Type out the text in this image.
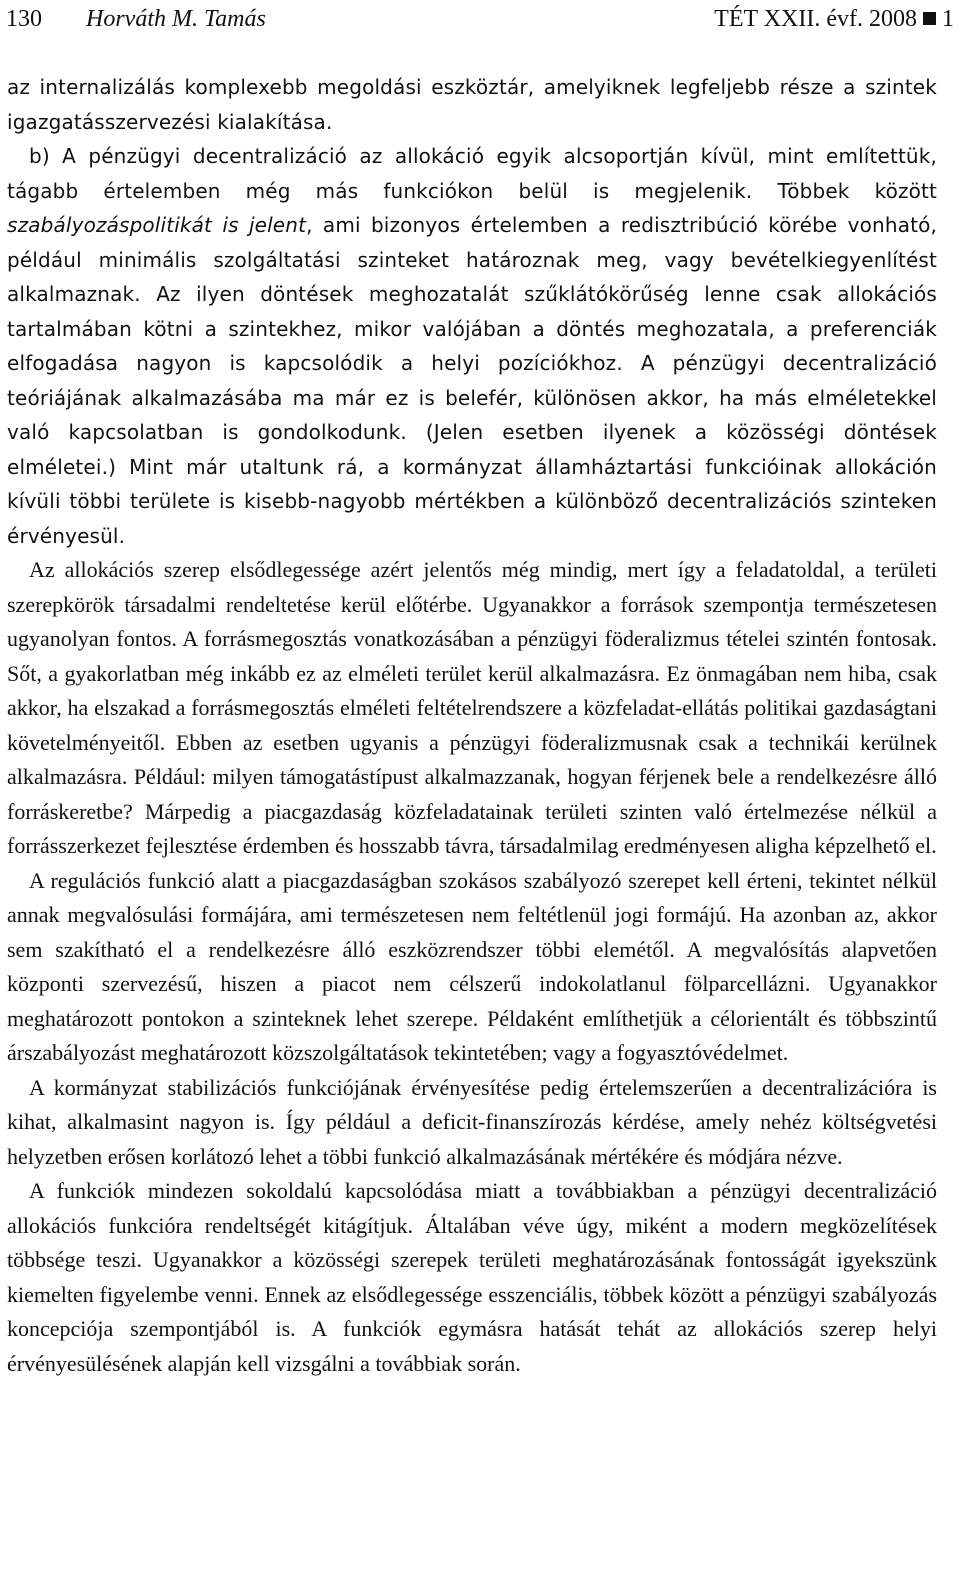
130 Horváth M. Tamás	TÉT XXII. évf. 2008 1

az internalizálás komplexebb megoldási eszköztár, amelyiknek legfeljebb része a szintek igazgatásszervezési kialakítása.

b) A pénzügyi decentralizáció az allokáció egyik alcsoportján kívül, mint említettük, tágabb értelemben még más funkciókon belül is megjelenik. Többek között szabályozáspolitikát is jelent, ami bizonyos értelemben a redisztribúció körébe vonható, például minimális szolgáltatási szinteket határoznak meg, vagy bevételkiegyenlítést alkalmaznak. Az ilyen döntések meghozatalát szűklátókörűség lenne csak allokációs tartalmában kötni a szintekhez, mikor valójában a döntés meghozatala, a preferenciák elfogadása nagyon is kapcsolódik a helyi pozíciókhoz. A pénzügyi decentralizáció teóriájának alkalmazásába ma már ez is belefér, különösen akkor, ha más elméletekkel való kapcsolatban is gondolkodunk. (Jelen esetben ilyenek a közösségi döntések elméletei.) Mint már utaltunk rá, a kormányzat államháztartási funkcióinak allokáción kívüli többi területe is kisebb-nagyobb mértékben a különböző decentralizációs szinteken érvényesül.

Az allokációs szerep elsődlegessége azért jelentős még mindig, mert így a feladatoldal, a területi szerepkörök társadalmi rendeltetése kerül előtérbe. Ugyanakkor a források szempontja természetesen ugyanolyan fontos. A forrásmegosztás vonatkozásában a pénzügyi föderalizmus tételei szintén fontosak. Sőt, a gyakorlatban még inkább ez az elméleti terület kerül alkalmazásra. Ez önmagában nem hiba, csak akkor, ha elszakad a forrásmegosztás elméleti feltételrendszere a közfeladat-ellátás politikai gazdaságtani követelményeitől. Ebben az esetben ugyanis a pénzügyi föderalizmusnak csak a technikái kerülnek alkalmazásra. Például: milyen támogatástípust alkalmazzanak, hogyan férjenek bele a rendelkezésre álló forráskeretbe? Márpedig a piacgazdaság közfeladatainak területi szinten való értelmezése nélkül a forrásszerkezet fejlesztése érdemben és hosszabb távra, társadalmilag eredményesen aligha képzelhető el.

A regulációs funkció alatt a piacgazdaságban szokásos szabályozó szerepet kell érteni, tekintet nélkül annak megvalósulási formájára, ami természetesen nem feltétlenül jogi formájú. Ha azonban az, akkor sem szakítható el a rendelkezésre álló eszközrendszer többi elemétől. A megvalósítás alapvetően központi szervezésű, hiszen a piacot nem célszerű indokolatlanul fölparcellázni. Ugyanakkor meghatározott pontokon a szinteknek lehet szerepe. Példaként említhetjük a célorientált és többszintű árszabályozást meghatározott közszolgáltatások tekintetében; vagy a fogyasztóvédelmet.

A kormányzat stabilizációs funkciójának érvényesítése pedig értelemszerűen a decentralizációra is kihat, alkalmasint nagyon is. Így például a deficit-finanszírozás kérdése, amely nehéz költségvetési helyzetben erősen korlátozó lehet a többi funkció alkalmazásának mértékére és módjára nézve.

A funkciók mindezen sokoldalú kapcsolódása miatt a továbbiakban a pénzügyi decentralizáció allokációs funkcióra rendeltségét kitágítjuk. Általában véve úgy, miként a modern megközelítések többsége teszi. Ugyanakkor a közösségi szerepek területi meghatározásának fontosságát igyekszünk kiemelten figyelembe venni. Ennek az elsődlegessége esszenciális, többek között a pénzügyi szabályozás koncepciója szempontjából is. A funkciók egymásra hatását tehát az allokációs szerep helyi érvényesülésének alapján kell vizsgálni a továbbiak során.
